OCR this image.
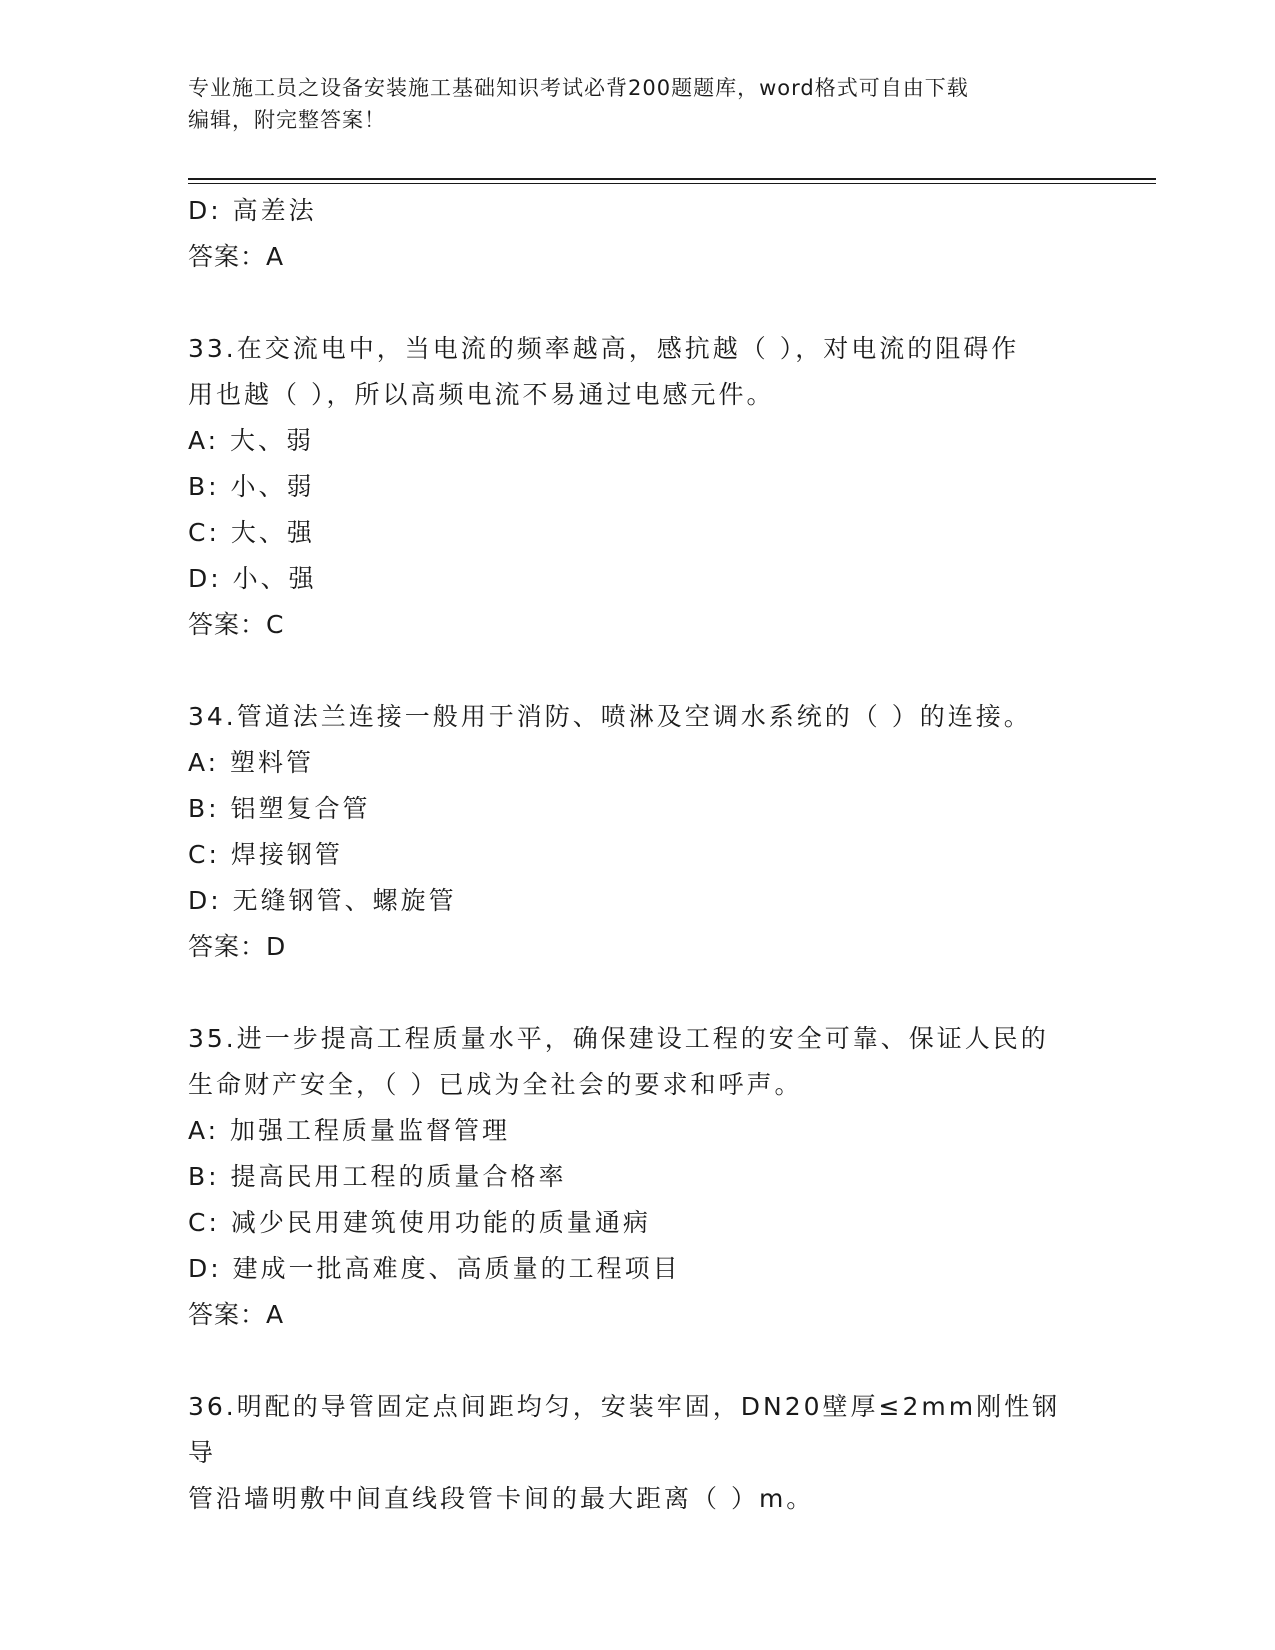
专业施工员之设备安装施工基础知识考试必背200题题库，word格式可自由下载
编辑，附完整答案！
D: 高差法
答案：A
33.在交流电中，当电流的频率越高，感抗越（ ），对电流的阻碍作
用也越（ ），所以高频电流不易通过电感元件。
A: 大、弱
B: 小、弱
C: 大、强
D: 小、强
答案：C
34.管道法兰连接一般用于消防、喷淋及空调水系统的（ ）的连接。
A: 塑料管
B: 铝塑复合管
C: 焊接钢管
D: 无缝钢管、螺旋管
答案：D
35.进一步提高工程质量水平，确保建设工程的安全可靠、保证人民的
生命财产安全，（ ）已成为全社会的要求和呼声。
A: 加强工程质量监督管理
B: 提高民用工程的质量合格率
C: 减少民用建筑使用功能的质量通病
D: 建成一批高难度、高质量的工程项目
答案：A
36.明配的导管固定点间距均匀，安装牢固，DN20壁厚≤2mm刚性钢导
管沿墙明敷中间直线段管卡间的最大距离（ ）m。
